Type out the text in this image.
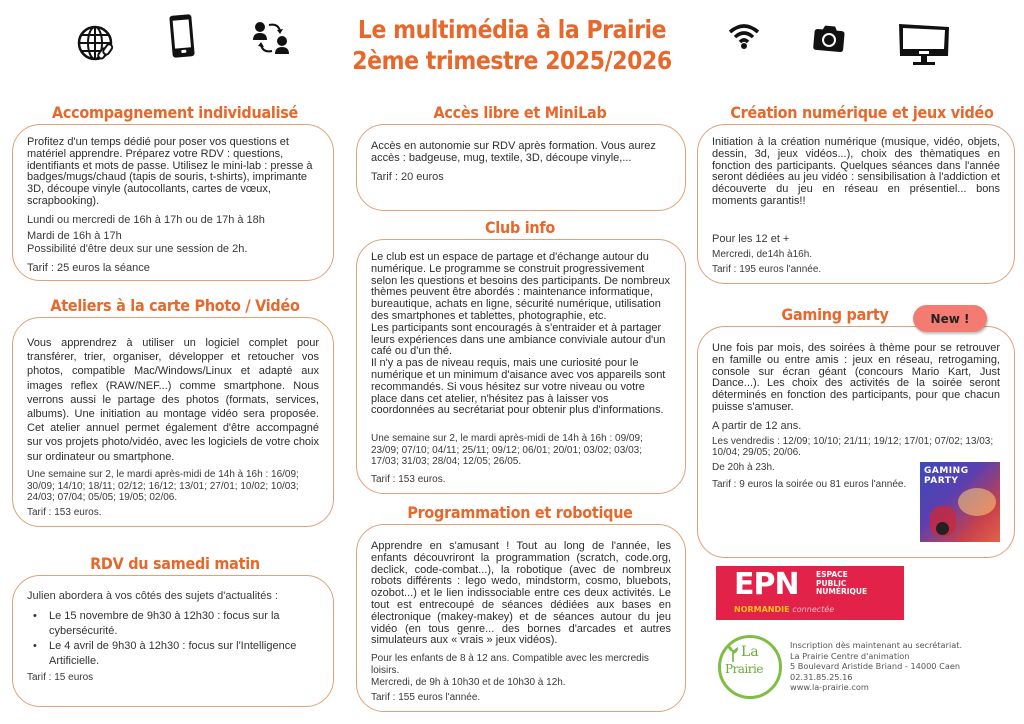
Le multimédia à la Prairie
2ème trimestre 2025/2026
Accompagnement individualisé
Profitez d'un temps dédié pour poser vos questions et matériel apprendre. Préparez votre RDV : questions, identifiants et mots de passe. Utilisez le mini-lab : presse à badges/mugs/chaud (tapis de souris, t-shirts), imprimante 3D, découpe vinyle (autocollants, cartes de vœux, scrapbooking).
Lundi ou mercredi de 16h à 17h ou de 17h à 18h
Mardi de 16h à 17h
Possibilité d'être deux sur une session de 2h.
Tarif : 25 euros la séance
Ateliers à la carte Photo / Vidéo
Vous apprendrez à utiliser un logiciel complet pour transférer, trier, organiser, développer et retoucher vos photos, compatible Mac/Windows/Linux et adapté aux images reflex (RAW/NEF...) comme smartphone. Nous verrons aussi le partage des photos (formats, services, albums). Une initiation au montage vidéo sera proposée. Cet atelier annuel permet également d'être accompagné sur vos projets photo/vidéo, avec les logiciels de votre choix sur ordinateur ou smartphone.
Une semaine sur 2, le mardi après-midi de 14h à 16h : 16/09; 30/09; 14/10; 18/11; 02/12; 16/12; 13/01; 27/01; 10/02; 10/03; 24/03; 07/04; 05/05; 19/05; 02/06.
Tarif : 153 euros.
RDV du samedi matin
Julien abordera à vos côtés des sujets d'actualités :
• Le 15 novembre de 9h30 à 12h30 : focus sur la cybersécurité.
• Le 4 avril de 9h30 à 12h30 : focus sur l'Intelligence Artificielle.
Tarif : 15 euros
Accès libre et MiniLab
Accès en autonomie sur RDV après formation. Vous aurez accès : badgeuse, mug, textile, 3D, découpe vinyle,...
Tarif : 20 euros
Club info
Le club est un espace de partage et d'échange autour du numérique. Le programme se construit progressivement selon les questions et besoins des participants. De nombreux thèmes peuvent être abordés : maintenance informatique, bureautique, achats en ligne, sécurité numérique, utilisation des smartphones et tablettes, photographie, etc.
Les participants sont encouragés à s'entraider et à partager leurs expériences dans une ambiance conviviale autour d'un café ou d'un thé.
Il n'y a pas de niveau requis, mais une curiosité pour le numérique et un minimum d'aisance avec vos appareils sont recommandés. Si vous hésitez sur votre niveau ou votre place dans cet atelier, n'hésitez pas à laisser vos coordonnées au secrétariat pour obtenir plus d'informations.
Une semaine sur 2, le mardi après-midi de 14h à 16h : 09/09; 23/09; 07/10; 04/11; 25/11; 09/12; 06/01; 20/01; 03/02; 03/03; 17/03; 31/03; 28/04; 12/05; 26/05.
Tarif : 153 euros.
Programmation et robotique
Apprendre en s'amusant ! Tout au long de l'année, les enfants découvriront la programmation (scratch, code.org, declick, code-combat...), la robotique (avec de nombreux robots différents : lego wedo, mindstorm, cosmo, bluebots, ozobot...) et le lien indissociable entre ces deux activités. Le tout est entrecoupé de séances dédiées aux bases en électronique (makey-makey) et de séances autour du jeu vidéo (en tous genre... des bornes d'arcades et autres simulateurs aux « vrais » jeux vidéos).
Pour les enfants de 8 à 12 ans. Compatible avec les mercredis loisirs.
Mercredi, de 9h à 10h30 et de 10h30 à 12h.
Tarif : 155 euros l'année.
Création numérique et jeux vidéo
Initiation à la création numérique (musique, vidéo, objets, dessin, 3d, jeux vidéos...), choix des thèmatiques en fonction des participants. Quelques séances dans l'année seront dédiées au jeu vidéo : sensibilisation à l'addiction et découverte du jeu en réseau en présentiel... bons moments garantis!!
Pour les 12 et +
Mercredi, de14h à16h.
Tarif : 195 euros l'année.
Gaming party
Une fois par mois, des soirées à thème pour se retrouver en famille ou entre amis : jeux en réseau, retrogaming, console sur écran géant (concours Mario Kart, Just Dance...). Les choix des activités de la soirée seront déterminés en fonction des participants, pour que chacun puisse s'amuser.
A partir de 12 ans.
Les vendredis : 12/09; 10/10; 21/11; 19/12; 17/01; 07/02; 13/03; 10/04; 29/05; 20/06.
De 20h à 23h.
Tarif : 9 euros la soirée ou 81 euros l'année.
GAMING
PARTY
New !
EPN ESPACE
PUBLIC
NUMÉRIQUE
NORMANDIE connectée
La
Prairie
Inscription dès maintenant au secrétariat.
La Prairie Centre d'animation
5 Boulevard Aristide Briand - 14000 Caen
02.31.85.25.16
www.la-prairie.com
